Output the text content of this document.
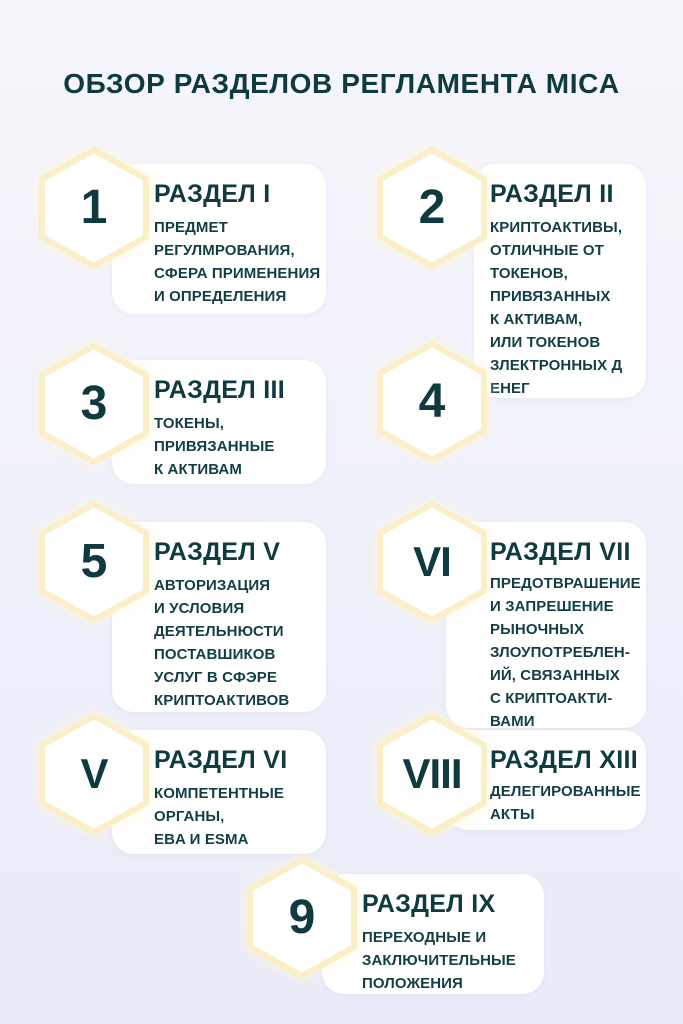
ОБЗОР РАЗДЕЛОВ РЕГЛАМЕНТА MICA
1 РАЗДЕЛ I
ПРЕДМЕТ
РЕГУЛМРОВАНИЯ,
СФЕРА ПРИМЕНЕНИЯ
И ОПРЕДЕЛЕНИЯ
2 РАЗДЕЛ II
КРИПТОАКТИВЫ,
ОТЛИЧНЫЕ ОТ
ТОКЕНОВ,
ПРИВЯЗАННЫХ
К АКТИВАМ,
ИЛИ ТОКЕНОВ
ЗЛЕКТРОННЫХ Д
ЕНЕГ
3 РАЗДЕЛ III
ТОКЕНЫ,
ПРИВЯЗАННЫЕ
К АКТИВАМ
4
5 РАЗДЕЛ V
АВТОРИЗАЦИЯ
И УСЛОВИЯ
ДЕЯТЕЛЬНЮСТИ
ПОСТАВШИКОВ
УСЛУГ В СФЭРЕ
КРИПТОАКТИВОВ
VI РАЗДЕЛ VII
ПРЕДОТВРАШЕНИЕ
И ЗАПРЕШЕНИЕ
РЫНОЧНЫХ
ЗЛОУПОТРЕБЛЕН-
ИЙ, СВЯЗАННЫХ
С КРИПТОАКТИ-
ВАМИ
V РАЗДЕЛ VI
КОМПЕТЕНТНЫЕ
ОРГАНЫ,
EBA И ESMA
VIII РАЗДЕЛ XIII
ДЕЛЕГИРОВАННЫЕ
АКТЫ
9 РАЗДЕЛ IX
ПЕРЕХОДНЫЕ И
ЗАКЛЮЧИТЕЛЬНЫЕ
ПОЛОЖЕНИЯ
